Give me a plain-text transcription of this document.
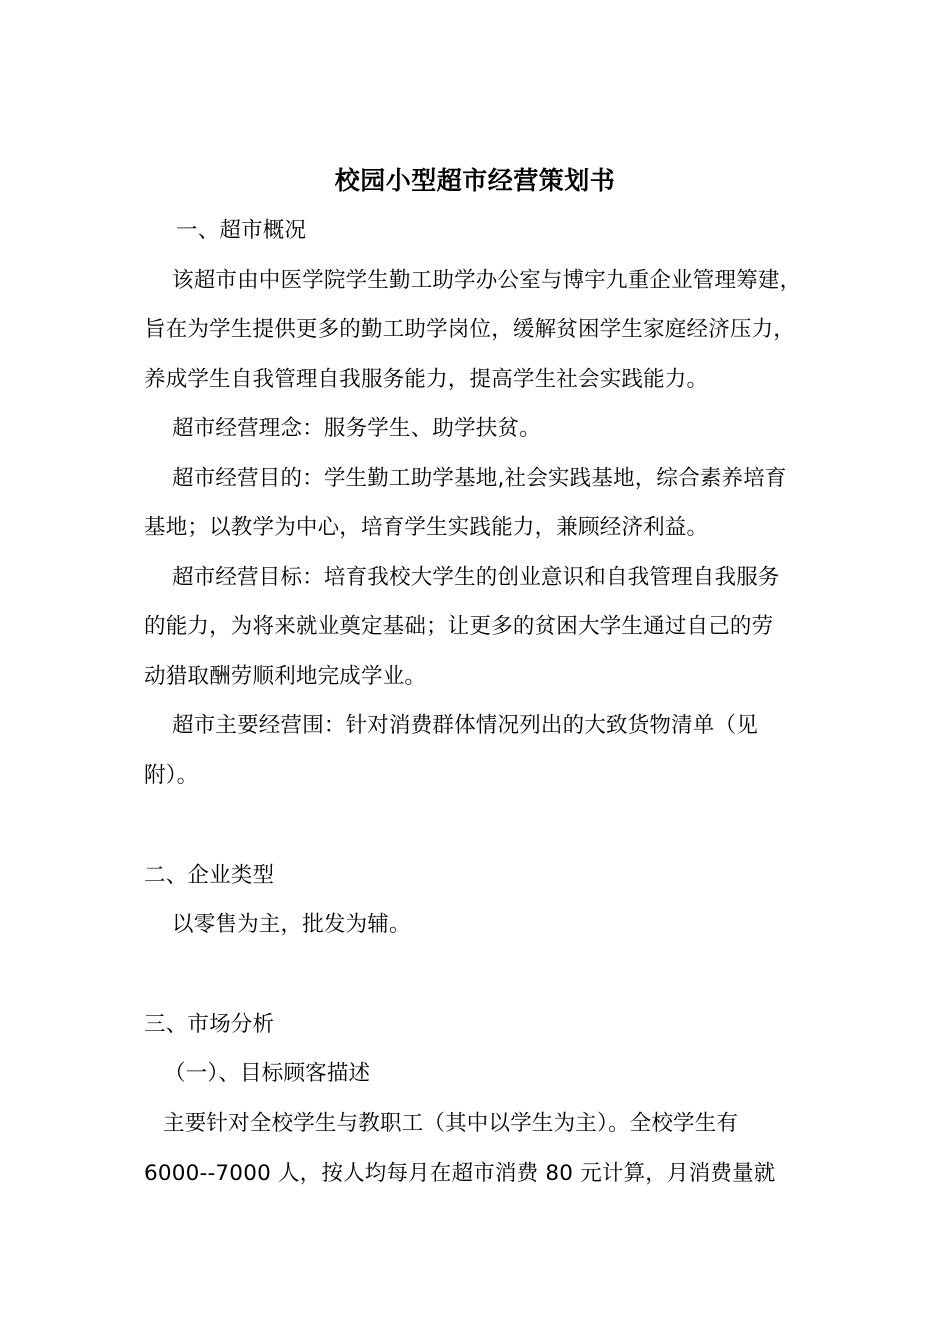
校园小型超市经营策划书
一、超市概况
该超市由中医学院学生勤工助学办公室与博宇九重企业管理筹建，
旨在为学生提供更多的勤工助学岗位，缓解贫困学生家庭经济压力，
养成学生自我管理自我服务能力，提高学生社会实践能力。
超市经营理念：服务学生、助学扶贫。
超市经营目的：学生勤工助学基地,社会实践基地，综合素养培育
基地；以教学为中心，培育学生实践能力，兼顾经济利益。
超市经营目标：培育我校大学生的创业意识和自我管理自我服务
的能力，为将来就业奠定基础；让更多的贫困大学生通过自己的劳
动猎取酬劳顺利地完成学业。
超市主要经营围：针对消费群体情况列出的大致货物清单（见
附）。
二、企业类型
以零售为主，批发为辅。
三、市场分析
（一）、目标顾客描述
主要针对全校学生与教职工（其中以学生为主）。全校学生有
6000--7000 人，按人均每月在超市消费 80 元计算，月消费量就
